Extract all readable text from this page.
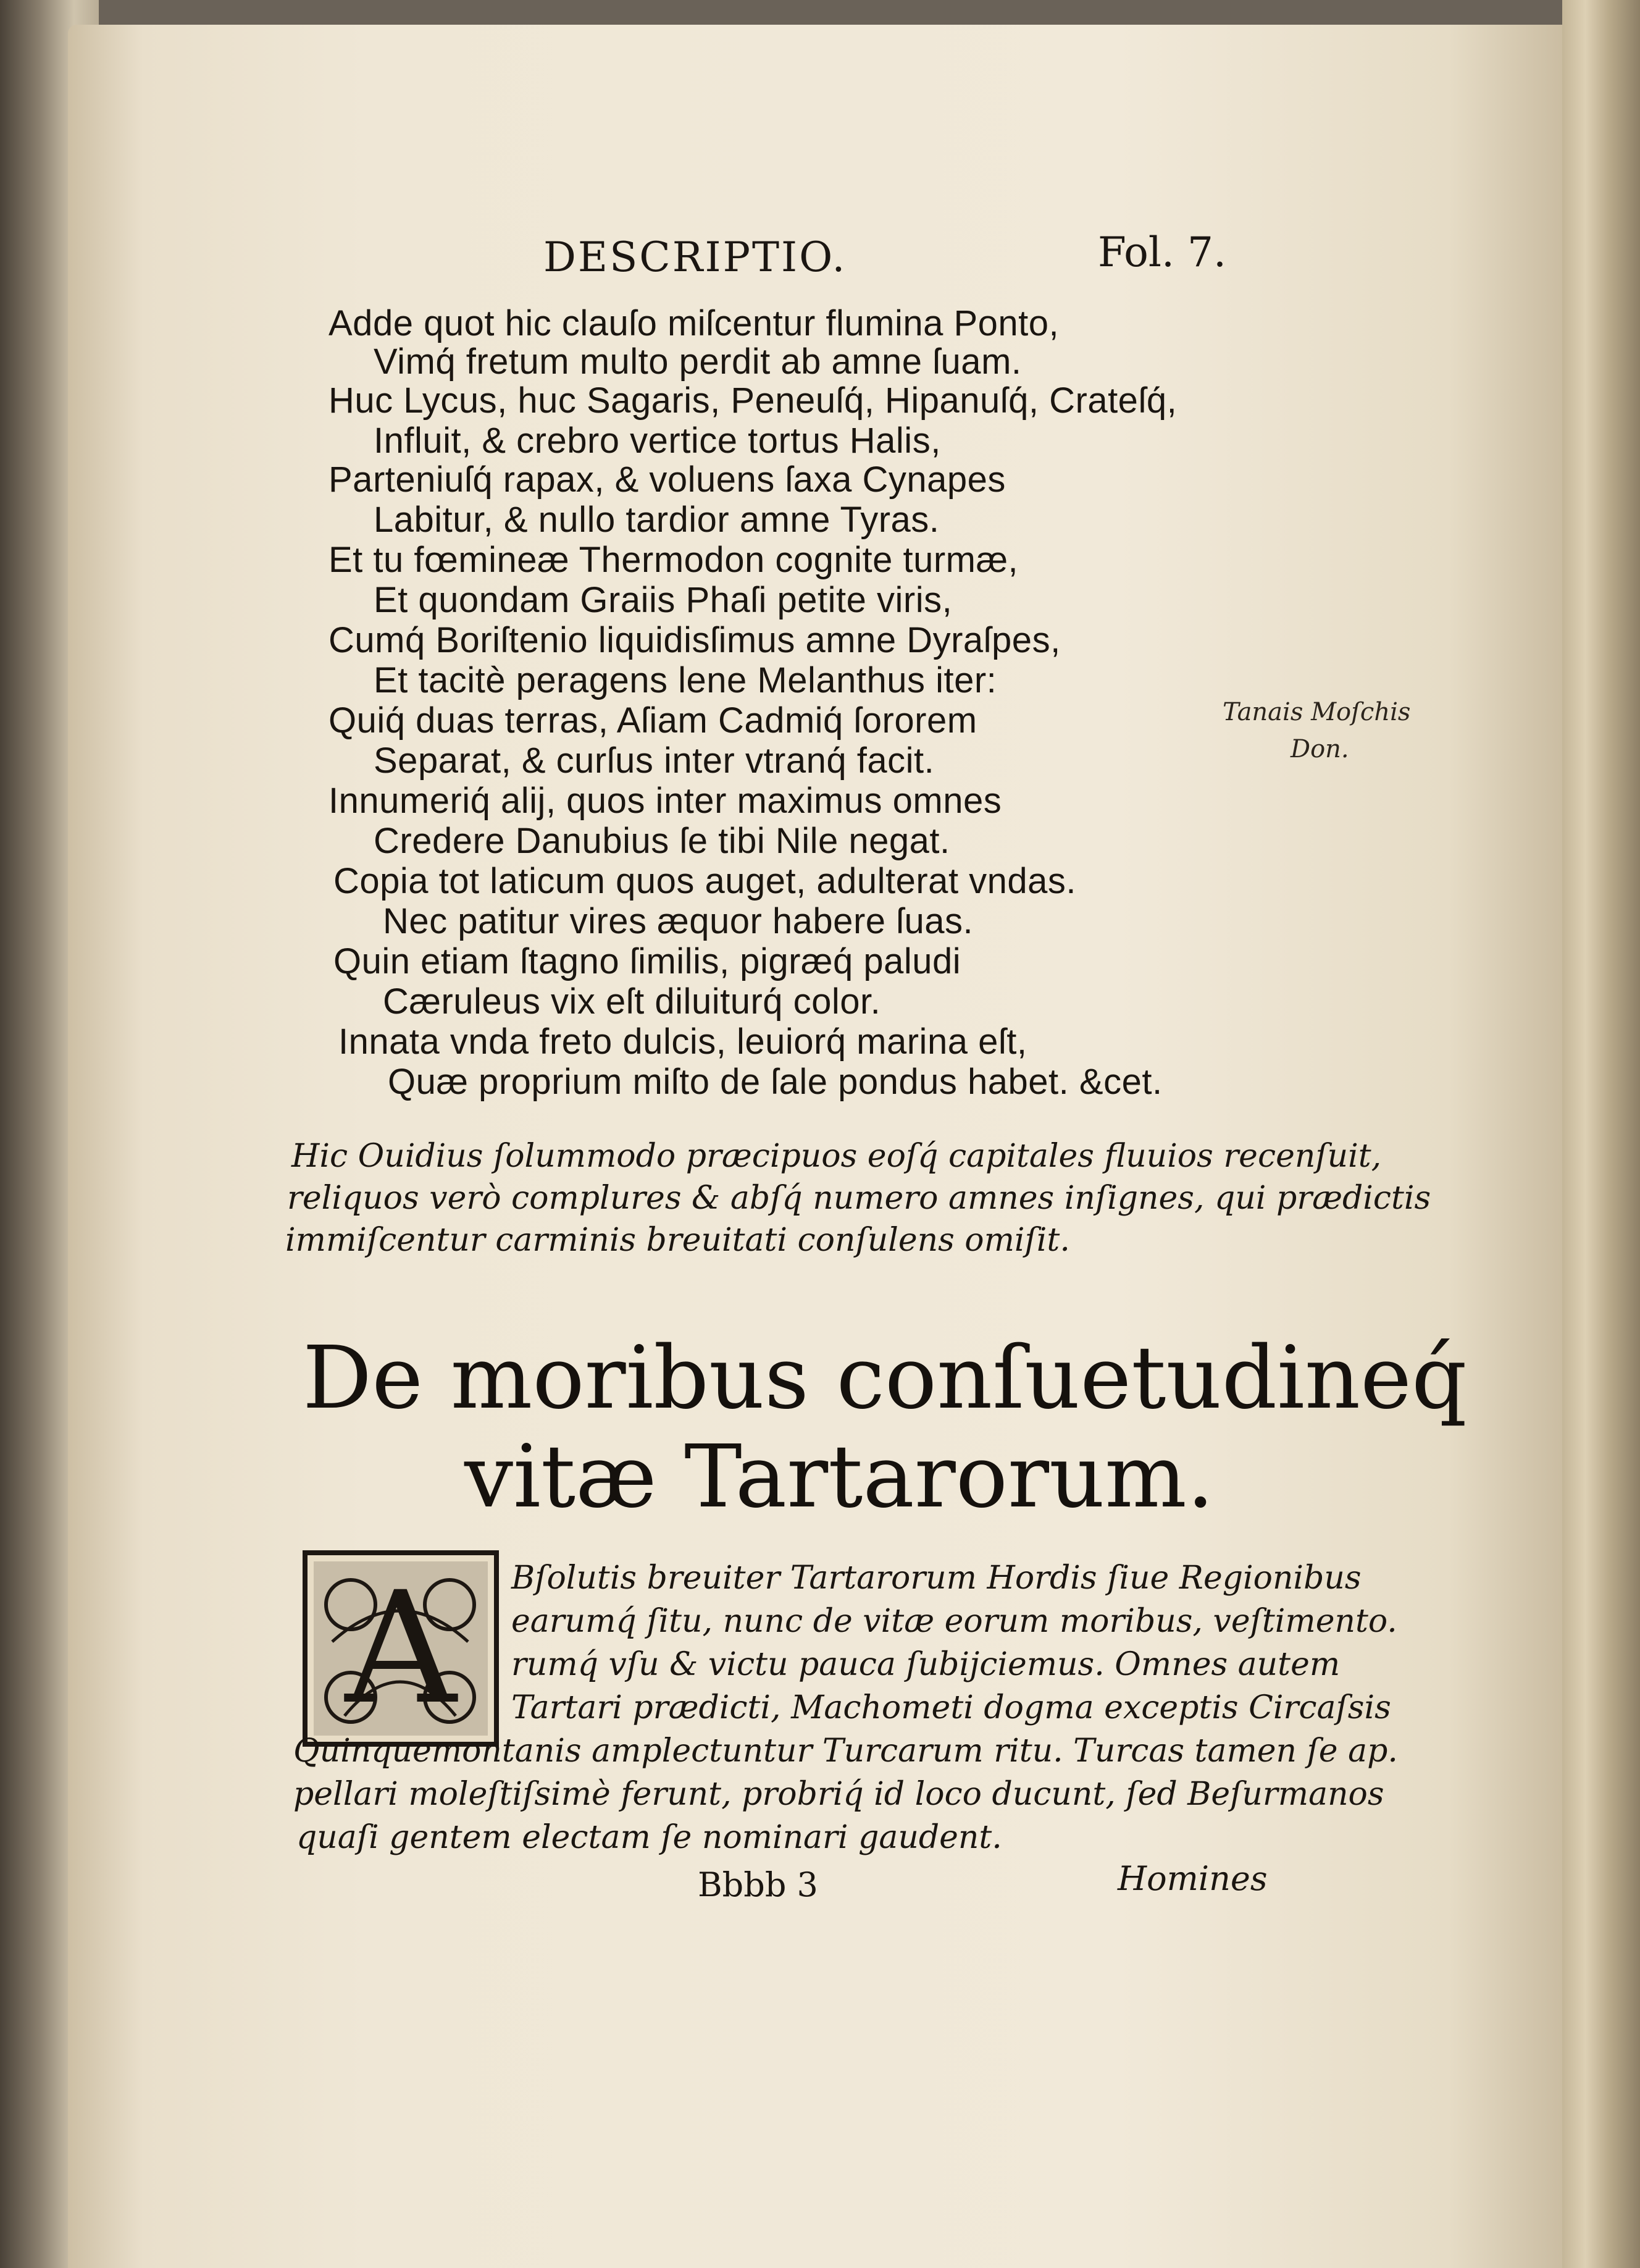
DESCRIPTIO.	Fol. 7.
Adde quot hic clauſo miſcentur flumina Ponto,
Vimq́ fretum multo perdit ab amne ſuam.
Huc Lycus, huc Sagaris, Peneuſq́, Hipanuſq́, Crateſq́,
Influit, & crebro vertice tortus Halis,
Parteniuſq́ rapax, & voluens ſaxa Cynapes
Labitur, & nullo tardior amne Tyras.
Et tu fœmineæ Thermodon cognite turmæ,
Et quondam Graiis Phaſi petite viris,
Cumq́ Boriſtenio liquidisſimus amne Dyraſpes,
Et tacitè peragens lene Melanthus iter:
Quiq́ duas terras, Aſiam Cadmiq́ ſororem
Separat, & curſus inter vtranq́ facit.
Innumeriq́ alij, quos inter maximus omnes
Credere Danubius ſe tibi Nile negat.
Copia tot laticum quos auget, adulterat vndas.
Nec patitur vires æquor habere ſuas.
Quin etiam ſtagno ſimilis, pigræq́ paludi
Cæruleus vix eſt diluiturq́ color.
Innata vnda freto dulcis, leuiorq́ marina eſt,
Quæ proprium miſto de ſale pondus habet. &cet.
Tanais Moſchis
Don.
Hic Ouidius ſolummodo præcipuos eoſq́ capitales fluuios recenſuit,
reliquos verò complures & abſq́ numero amnes inſignes, qui prædictis
immiſcentur carminis breuitati conſulens omiſit.
De moribus conſuetudineq́
vitæ Tartarorum.
A	Bſolutis breuiter Tartarorum Hordis ſiue Regionibus
earumq́ ſitu, nunc de vitæ eorum moribus, veſtimento.
rumq́ vſu & victu pauca ſubijciemus. Omnes autem
Tartari prædicti, Machometi dogma exceptis Circaſsis
Quinquemontanis amplectuntur Turcarum ritu. Turcas tamen ſe ap.
pellari moleſtiſsimè ferunt, probriq́ id loco ducunt, ſed Beſurmanos
quaſi gentem electam ſe nominari gaudent.
Bbbb 3	Homines
